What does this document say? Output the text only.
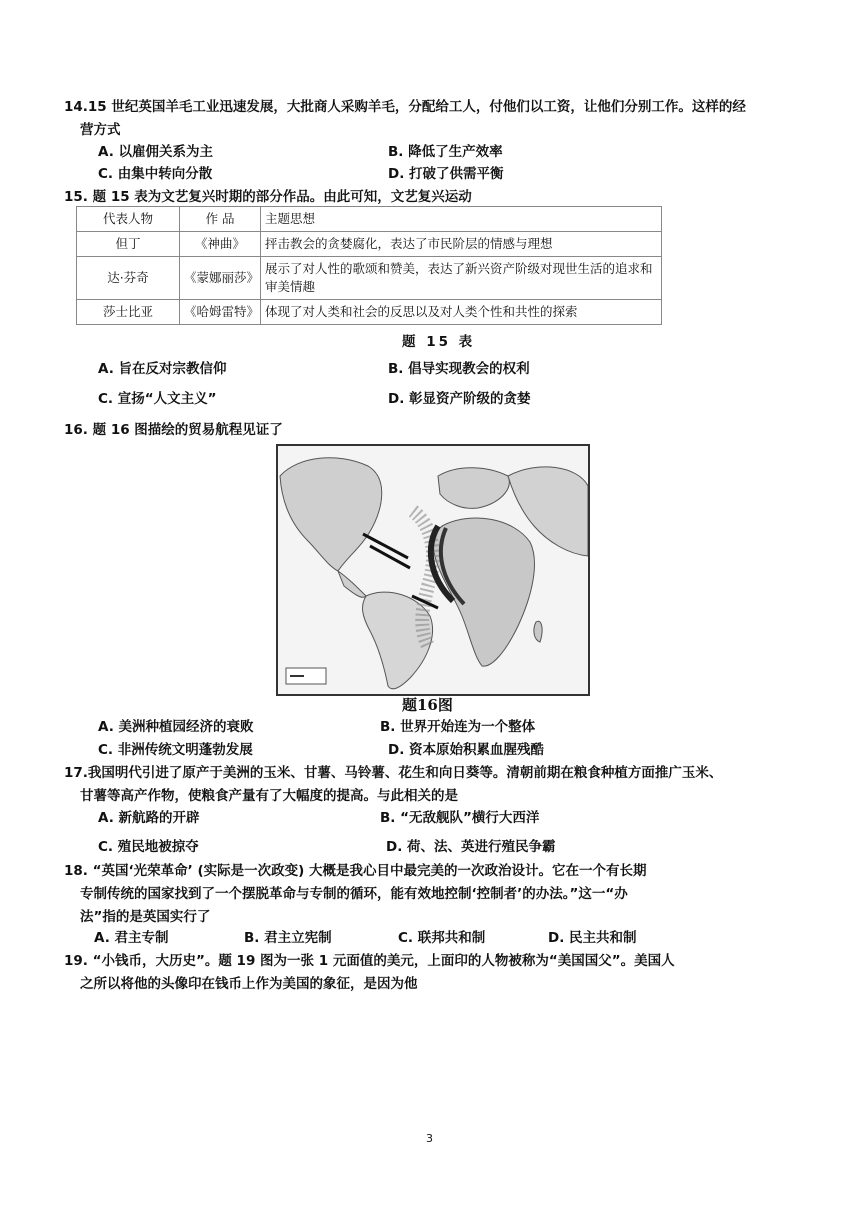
14.15 世纪英国羊毛工业迅速发展，大批商人采购羊毛，分配给工人，付他们以工资，让他们分别工作。这样的经
营方式
A. 以雇佣关系为主	B. 降低了生产效率
C. 由集中转向分散	D. 打破了供需平衡
15. 题 15 表为文艺复兴时期的部分作品。由此可知，文艺复兴运动
代表人物	作 品	主题思想
但丁	《神曲》	抨击教会的贪婪腐化，表达了市民阶层的情感与理想
达·芬奇	《蒙娜丽莎》	展示了对人性的歌颂和赞美，表达了新兴资产阶级对现世生活的追求和审美情趣
莎士比亚	《哈姆雷特》	体现了对人类和社会的反思以及对人类个性和共性的探索
题 15 表
A. 旨在反对宗教信仰	B. 倡导实现教会的权利
C. 宣扬“人文主义”	D. 彰显资产阶级的贪婪
16. 题 16 图描绘的贸易航程见证了
题16图
A. 美洲种植园经济的衰败	B. 世界开始连为一个整体
C. 非洲传统文明蓬勃发展	D. 资本原始积累血腥残酷
17.我国明代引进了原产于美洲的玉米、甘薯、马铃薯、花生和向日葵等。清朝前期在粮食种植方面推广玉米、
甘薯等高产作物，使粮食产量有了大幅度的提高。与此相关的是
A. 新航路的开辟	B. “无敌舰队”横行大西洋
C. 殖民地被掠夺	D. 荷、法、英进行殖民争霸
18. “英国‘光荣革命’ (实际是一次政变) 大概是我心目中最完美的一次政治设计。它在一个有长期
专制传统的国家找到了一个摆脱革命与专制的循环，能有效地控制‘控制者’的办法。”这一“办
法”指的是英国实行了
A. 君主专制	B. 君主立宪制	C. 联邦共和制	D. 民主共和制
19. “小钱币，大历史”。题 19 图为一张 1 元面值的美元，上面印的人物被称为“美国国父”。美国人
之所以将他的头像印在钱币上作为美国的象征，是因为他
3
